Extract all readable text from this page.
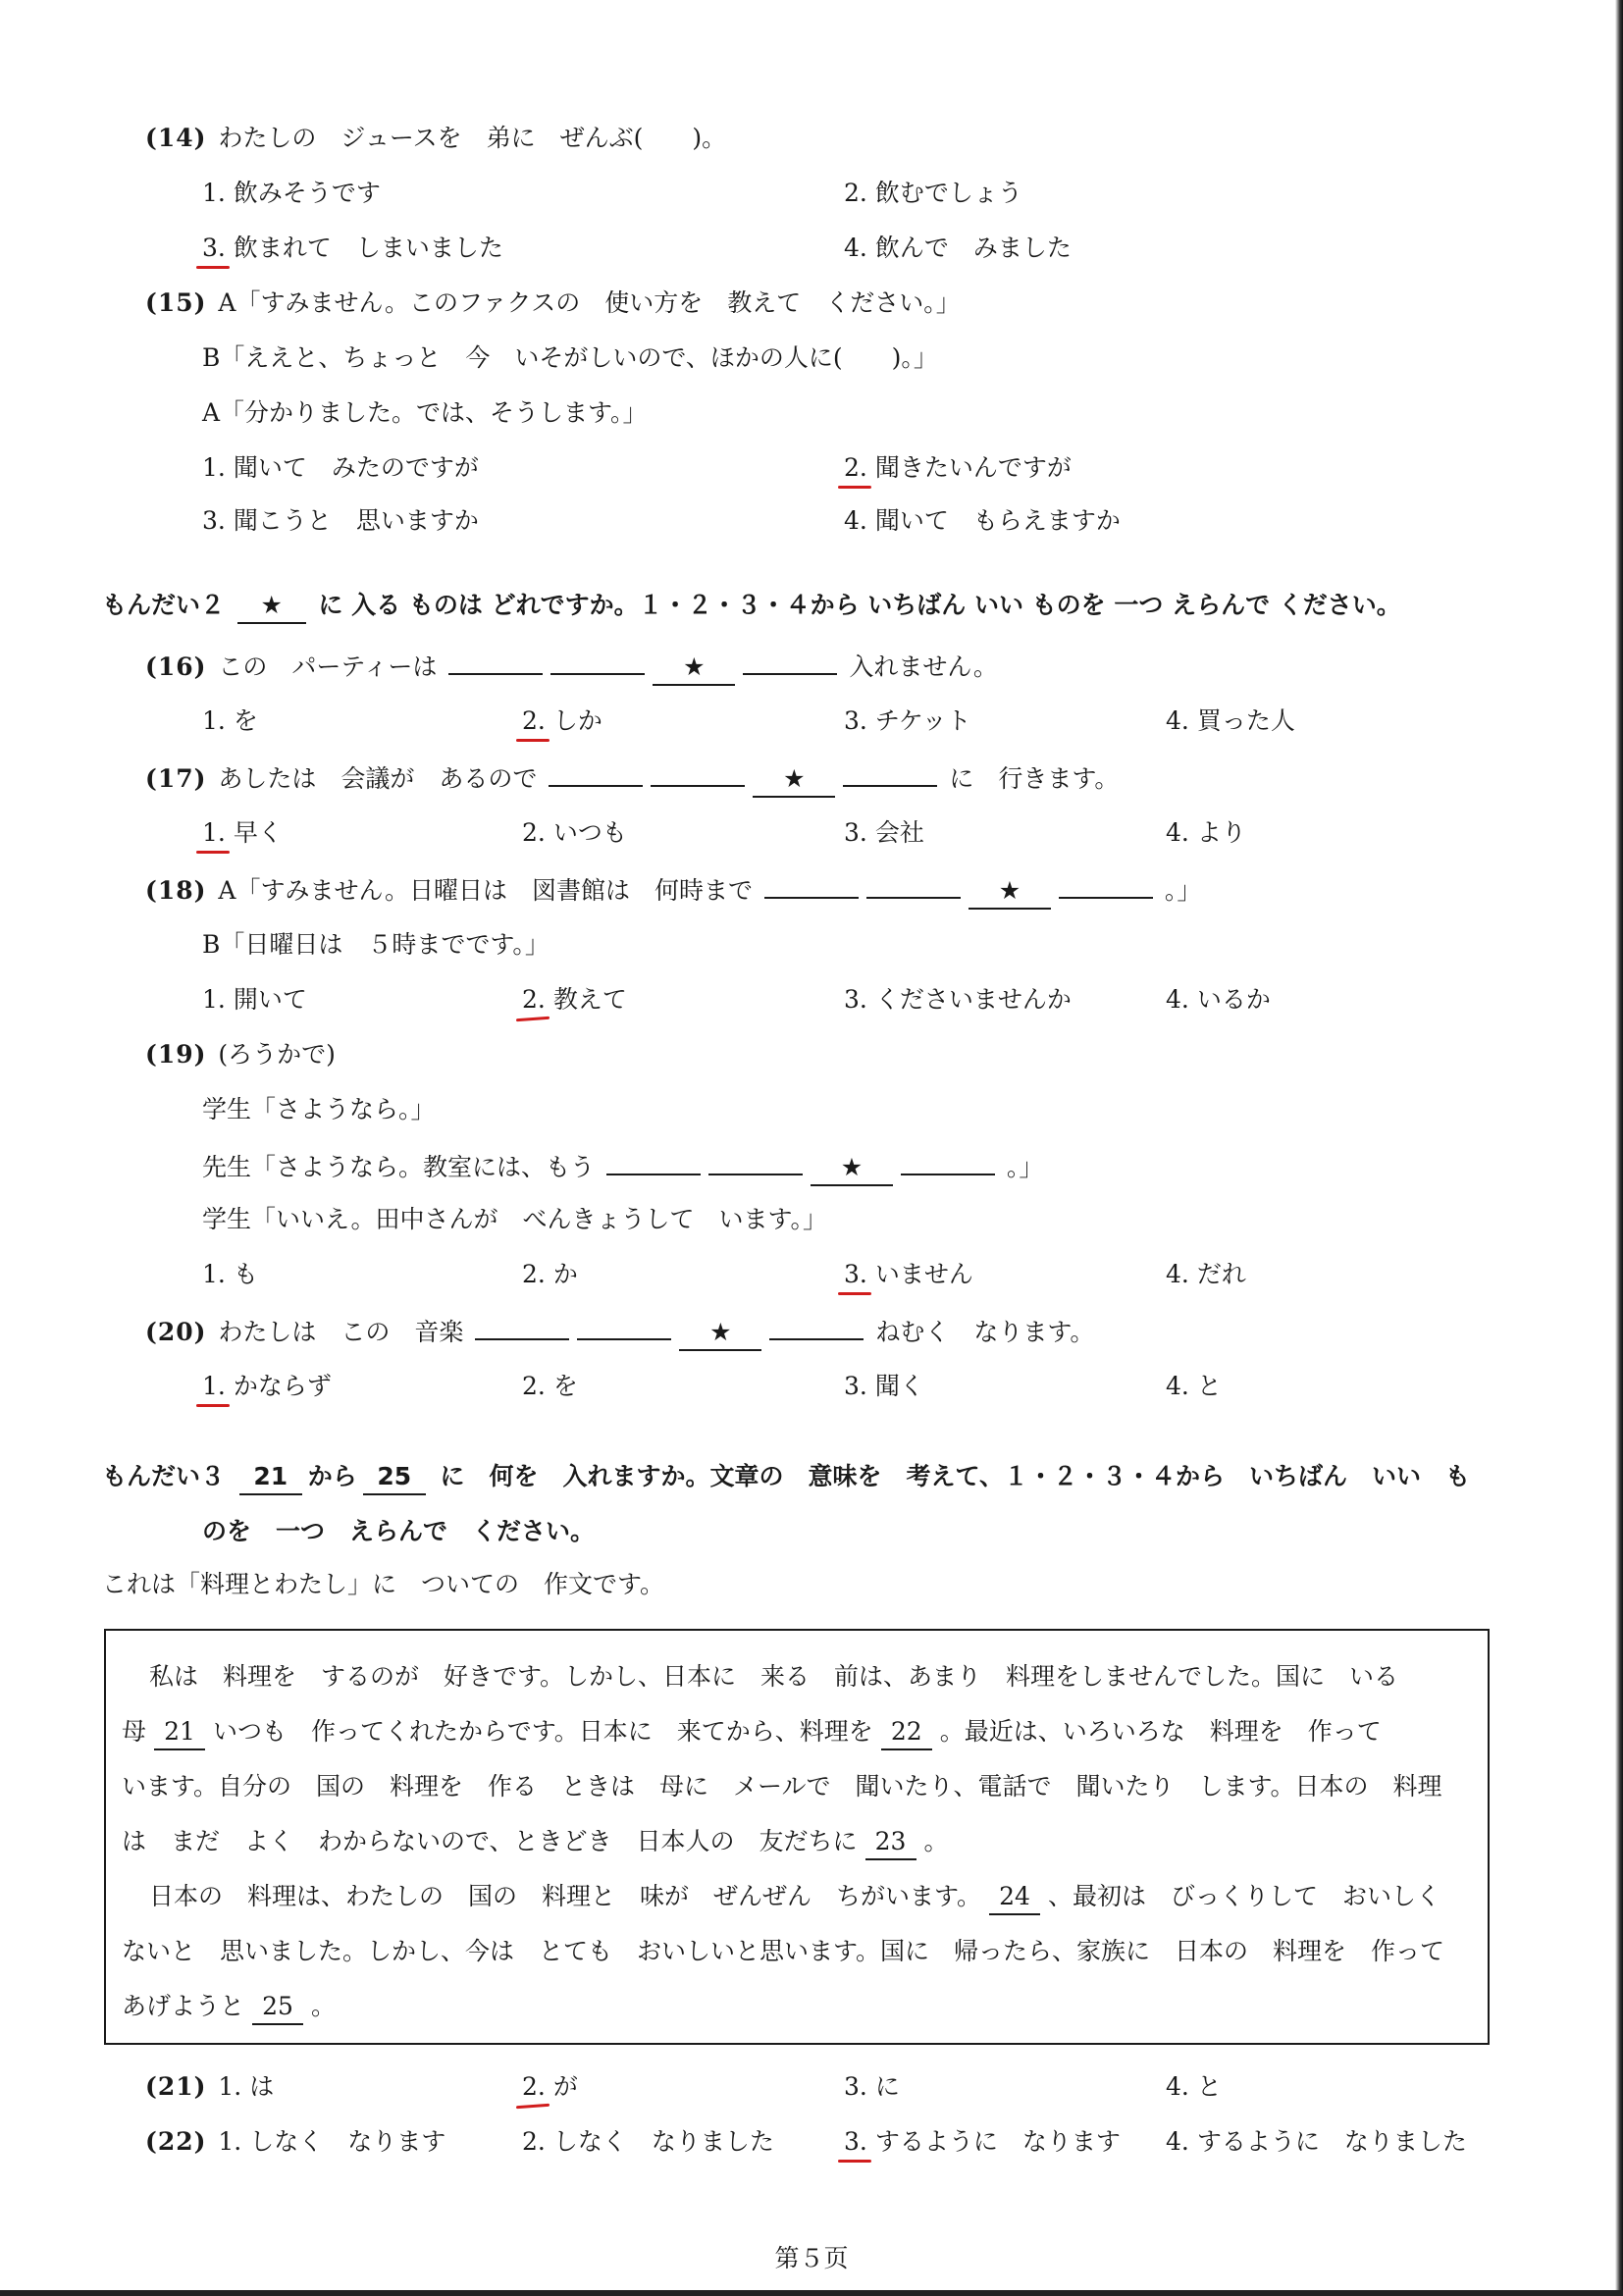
(14) わたしの　ジュースを　弟に　ぜんぶ(　　)。
1. 飲みそうです	2. 飲むでしょう
3. 飲まれて　しまいました	4. 飲んで　みました
(15) A「すみません。このファクスの　使い方を　教えて　ください。」
B「ええと、ちょっと　今　いそがしいので、ほかの人に(　　)。」
A「分かりました。では、そうします。」
1. 聞いて　みたのですが	2. 聞きたいんですが
3. 聞こうと　思いますか	4. 聞いて　もらえますか
もんだい２ ★ に 入る ものは どれですか。１・２・３・４から いちばん いい ものを 一つ えらんで ください。
(16) この　パーティーは	★	入れません。
1. を	2. しか	3. チケット	4. 買った人
(17) あしたは　会議が　あるので	★	に　行きます。
1. 早く	2. いつも	3. 会社	4. より
(18) A「すみません。日曜日は　図書館は　何時まで	★	。」
B「日曜日は　５時までです。」
1. 開いて	2. 教えて	3. くださいませんか	4. いるか
(19) (ろうかで)
学生「さようなら。」
先生「さようなら。教室には、もう	★	。」
学生「いいえ。田中さんが　べんきょうして　います。」
1. も	2. か	3. いません	4. だれ
(20) わたしは　この　音楽	★	ねむく　なります。
1. かならず	2. を	3. 聞く	4. と
もんだい３ 21 から 25 に　何を　入れますか。文章の　意味を　考えて、１・２・３・４から　いちばん　いい　も
のを　一つ　えらんで　ください。
これは「料理とわたし」に　ついての　作文です。
私は　料理を　するのが　好きです。しかし、日本に　来る　前は、あまり　料理をしませんでした。国に　いる
母 21 いつも　作ってくれたからです。日本に　来てから、料理を 22 。最近は、いろいろな　料理を　作って
います。自分の　国の　料理を　作る　ときは　母に　メールで　聞いたり、電話で　聞いたり　します。日本の　料理
は　まだ　よく　わからないので、ときどき　日本人の　友だちに 23 。
日本の　料理は、わたしの　国の　料理と　味が　ぜんぜん　ちがいます。 24 、最初は　びっくりして　おいしく
ないと　思いました。しかし、今は　とても　おいしいと思います。国に　帰ったら、家族に　日本の　料理を　作って
あげようと 25 。
(21) 1. は	2. が	3. に	4. と
(22) 1. しなく　なります	2. しなく　なりました	3. するように　なります 4. するように　なりました
第５页
